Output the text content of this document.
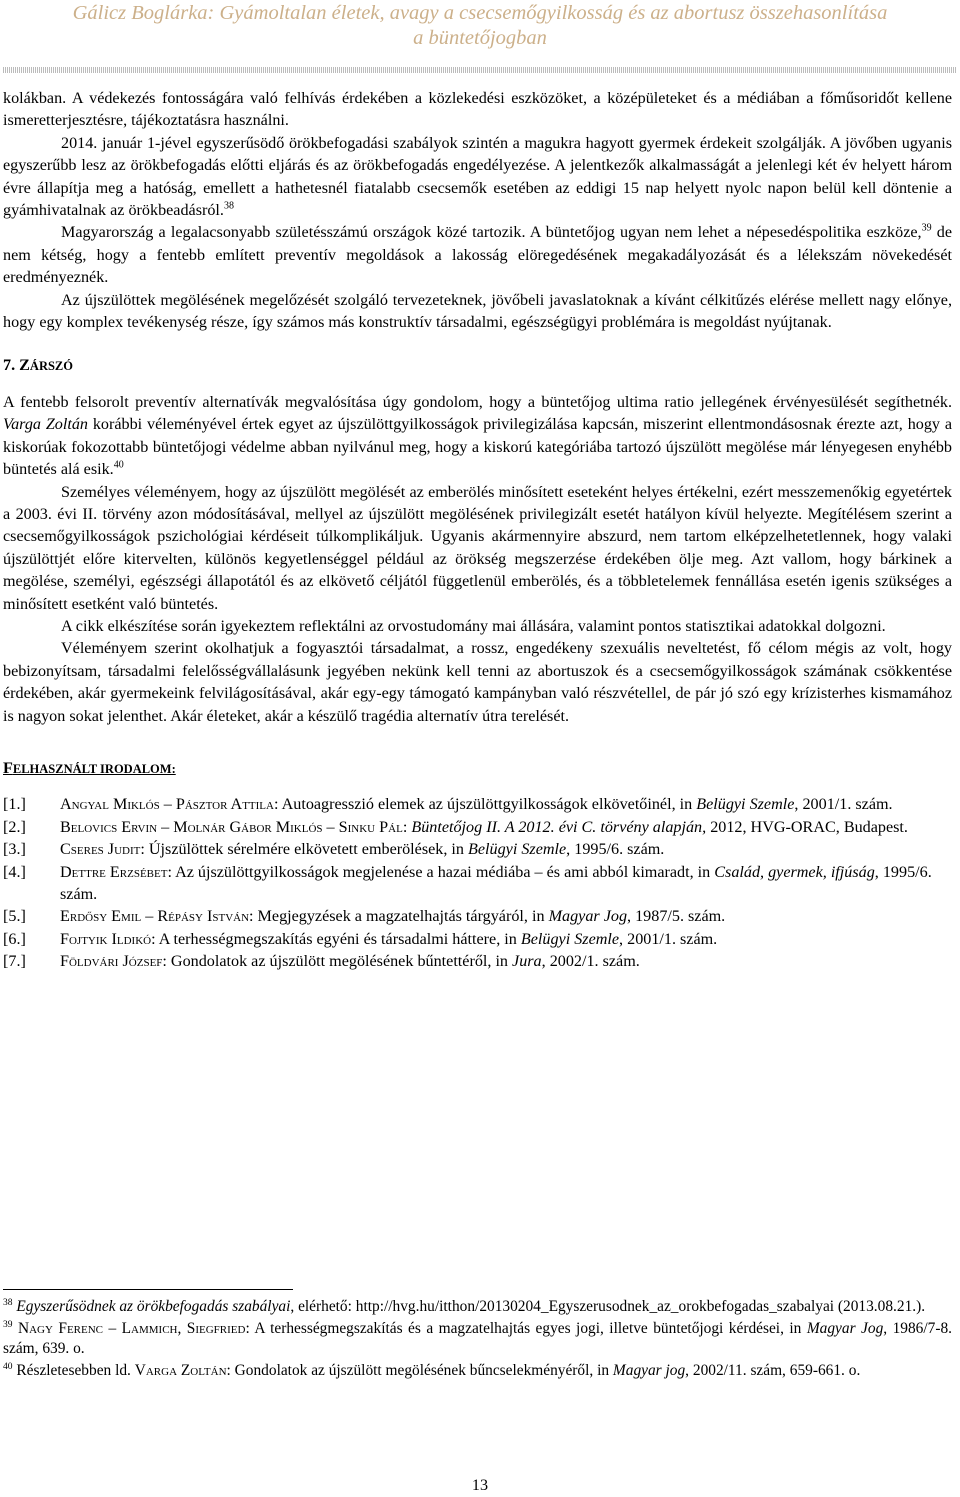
Gálicz Boglárka: Gyámoltalan életek, avagy a csecsemőgyilkosság és az abortusz összehasonlítása
a büntetőjogban

kolákban. A védekezés fontosságára való felhívás érdekében a közlekedési eszközöket, a középületeket és a médiában a főműsoridőt kellene ismeretterjesztésre, tájékoztatásra használni.

2014. január 1-jével egyszerűsödő örökbefogadási szabályok szintén a magukra hagyott gyermek érdekeit szolgálják. A jövőben ugyanis egyszerűbb lesz az örökbefogadás előtti eljárás és az örökbefogadás engedélyezése. A jelentkezők alkalmasságát a jelenlegi két év helyett három évre állapítja meg a hatóság, emellett a hathetesnél fiatalabb csecsemők esetében az eddigi 15 nap helyett nyolc napon belül kell döntenie a gyámhivatalnak az örökbeadásról.$^{38}$

Magyarország a legalacsonyabb születésszámú országok közé tartozik. A büntetőjog ugyan nem lehet a népesedéspolitika eszköze,$^{39}$ de nem kétség, hogy a fentebb említett preventív megoldások a lakosság elöregedésének megakadályozását és a lélekszám növekedését eredményeznék.

Az újszülöttek megölésének megelőzését szolgáló tervezeteknek, jövőbeli javaslatoknak a kívánt célkitűzés elérése mellett nagy előnye, hogy egy komplex tevékenység része, így számos más konstruktív társadalmi, egészségügyi problémára is megoldást nyújtanak.

7. ZÁRSZÓ

A fentebb felsorolt preventív alternatívák megvalósítása úgy gondolom, hogy a büntetőjog ultima ratio jellegének érvényesülését segíthetnék. Varga Zoltán korábbi véleményével értek egyet az újszülöttgyilkosságok privilegizálása kapcsán, miszerint ellentmondásosnak érezte azt, hogy a kiskorúak fokozottabb büntetőjogi védelme abban nyilvánul meg, hogy a kiskorú kategóriába tartozó újszülött megölése már lényegesen enyhébb büntetés alá esik.$^{40}$

Személyes véleményem, hogy az újszülött megölését az emberölés minősített eseteként helyes értékelni, ezért messzemenőkig egyetértek a 2003. évi II. törvény azon módosításával, mellyel az újszülött megölésének privilegizált esetét hatályon kívül helyezte. Megítélésem szerint a csecsemőgyilkosságok pszichológiai kérdéseit túlkomplikáljuk. Ugyanis akármennyire abszurd, nem tartom elképzelhetetlennek, hogy valaki újszülöttjét előre kitervelten, különös kegyetlenséggel például az örökség megszerzése érdekében ölje meg. Azt vallom, hogy bárkinek a megölése, személyi, egészségi állapotától és az elkövető céljától függetlenül emberölés, és a többletelemek fennállása esetén igenis szükséges a minősített esetként való büntetés.

A cikk elkészítése során igyekeztem reflektálni az orvostudomány mai állására, valamint pontos statisztikai adatokkal dolgozni.

Véleményem szerint okolhatjuk a fogyasztói társadalmat, a rossz, engedékeny szexuális neveltetést, fő célom mégis az volt, hogy bebizonyítsam, társadalmi felelősségvállalásunk jegyében nekünk kell tenni az abortuszok és a csecsemőgyilkosságok számának csökkentése érdekében, akár gyermekeink felvilágosításával, akár egy-egy támogató kampányban való részvétellel, de pár jó szó egy krízisterhes kismamához is nagyon sokat jelenthet. Akár életeket, akár a készülő tragédia alternatív útra terelését.

FELHASZNÁLT IRODALOM:

[1.]	Angyal Miklós – Pásztor Attila: Autoagresszió elemek az újszülöttgyilkosságok elkövetőinél, in Belügyi Szemle, 2001/1. szám.
[2.]	Belovics Ervin – Molnár Gábor Miklós – Sinku Pál: Büntetőjog II. A 2012. évi C. törvény alapján, 2012, HVG-ORAC, Budapest.
[3.]	Cseres Judit: Újszülöttek sérelmére elkövetett emberölések, in Belügyi Szemle, 1995/6. szám.
[4.]	Dettre Erzsébet: Az újszülöttgyilkosságok megjelenése a hazai médiába – és ami abból kimaradt, in Család, gyermek, ifjúság, 1995/6. szám.
[5.]	Erdősy Emil – Répásy István: Megjegyzések a magzatelhajtás tárgyáról, in Magyar Jog, 1987/5. szám.
[6.]	Fojtyik Ildikó: A terhességmegszakítás egyéni és társadalmi háttere, in Belügyi Szemle, 2001/1. szám.
[7.]	Földvári József: Gondolatok az újszülött megölésének bűntettéről, in Jura, 2002/1. szám.

$^{38}$ Egyszerűsödnek az örökbefogadás szabályai, elérhető: http://hvg.hu/itthon/20130204_Egyszerusodnek_az_orokbefogadas_szabalyai (2013.08.21.).

$^{39}$ Nagy Ferenc – Lammich, Siegfried: A terhességmegszakítás és a magzatelhajtás egyes jogi, illetve büntetőjogi kérdései, in Magyar Jog, 1986/7-8. szám, 639. o.

$^{40}$ Részletesebben ld. Varga Zoltán: Gondolatok az újszülött megölésének bűncselekményéről, in Magyar jog, 2002/11. szám, 659-661. o.

13
